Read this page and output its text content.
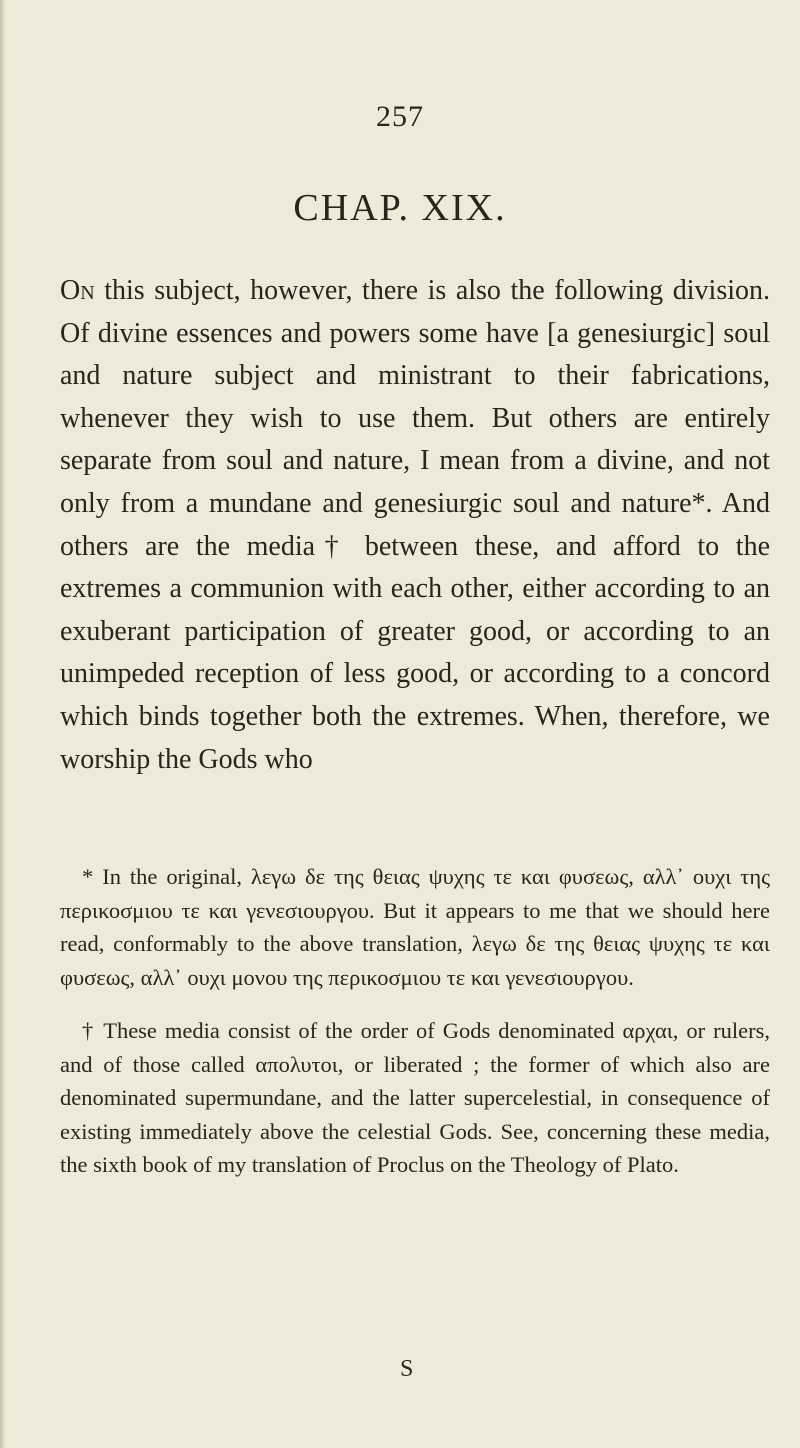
257
CHAP. XIX.

On this subject, however, there is also the following division. Of divine essences and powers some have [a genesiurgic] soul and nature subject and ministrant to their fabrications, whenever they wish to use them. But others are entirely separate from soul and nature, I mean from a divine, and not only from a mundane and genesiurgic soul and nature*. And others are the media† between these, and afford to the extremes a communion with each other, either according to an exuberant participation of greater good, or according to an unimpeded reception of less good, or according to a concord which binds together both the extremes. When, therefore, we worship the Gods who

* In the original, λεγω δε της θειας ψυχης τε και φυσεως, αλλ᾽ ουχι της περικοσμιου τε και γενεσιουργου. But it appears to me that we should here read, conformably to the above translation, λεγω δε της θειας ψυχης τε και φυσεως, αλλ᾽ ουχι μονου της περικοσμιου τε και γενεσιουργου.

† These media consist of the order of Gods denominated αρχαι, or rulers, and of those called απολυτοι, or liberated ; the former of which also are denominated supermundane, and the latter supercelestial, in consequence of existing immediately above the celestial Gods. See, concerning these media, the sixth book of my translation of Proclus on the Theology of Plato.

S
